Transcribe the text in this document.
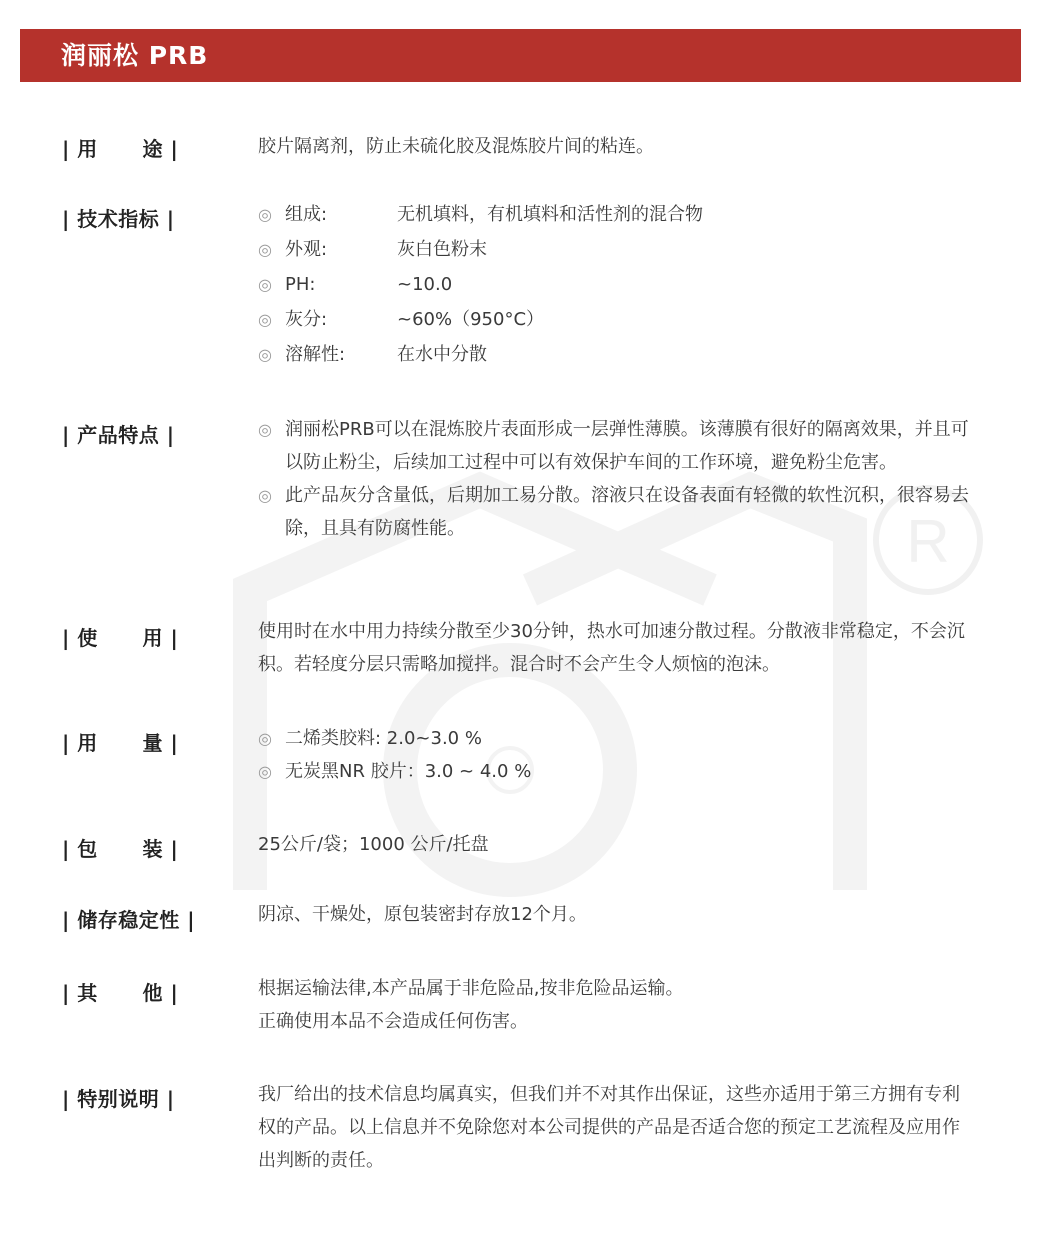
润丽松 PRB
R
| 用      途 |	胶片隔离剂，防止未硫化胶及混炼胶片间的粘连。
| 技术指标 |	◎ 组成:	无机填料，有机填料和活性剂的混合物
◎ 外观:	灰白色粉末
◎ PH:	~10.0
◎ 灰分:	~60%（950°C）
◎ 溶解性:	在水中分散
| 产品特点 |	◎ 润丽松PRB可以在混炼胶片表面形成一层弹性薄膜。该薄膜有很好的隔离效果，并且可以防止粉尘，后续加工过程中可以有效保护车间的工作环境，避免粉尘危害。
◎ 此产品灰分含量低，后期加工易分散。溶液只在设备表面有轻微的软性沉积，很容易去除，且具有防腐性能。
| 使      用 |	使用时在水中用力持续分散至少30分钟，热水可加速分散过程。分散液非常稳定，不会沉积。若轻度分层只需略加搅拌。混合时不会产生令人烦恼的泡沫。
| 用      量 |	◎ 二烯类胶料: 2.0~3.0 %
◎ 无炭黑NR 胶片：3.0 ~ 4.0 %
| 包      装 |	25公斤/袋；1000 公斤/托盘
| 储存稳定性 |	阴凉、干燥处，原包装密封存放12个月。
| 其      他 |	根据运输法律,本产品属于非危险品,按非危险品运输。
正确使用本品不会造成任何伤害。
| 特别说明 |	我厂给出的技术信息均属真实，但我们并不对其作出保证，这些亦适用于第三方拥有专利权的产品。以上信息并不免除您对本公司提供的产品是否适合您的预定工艺流程及应用作出判断的责任。
